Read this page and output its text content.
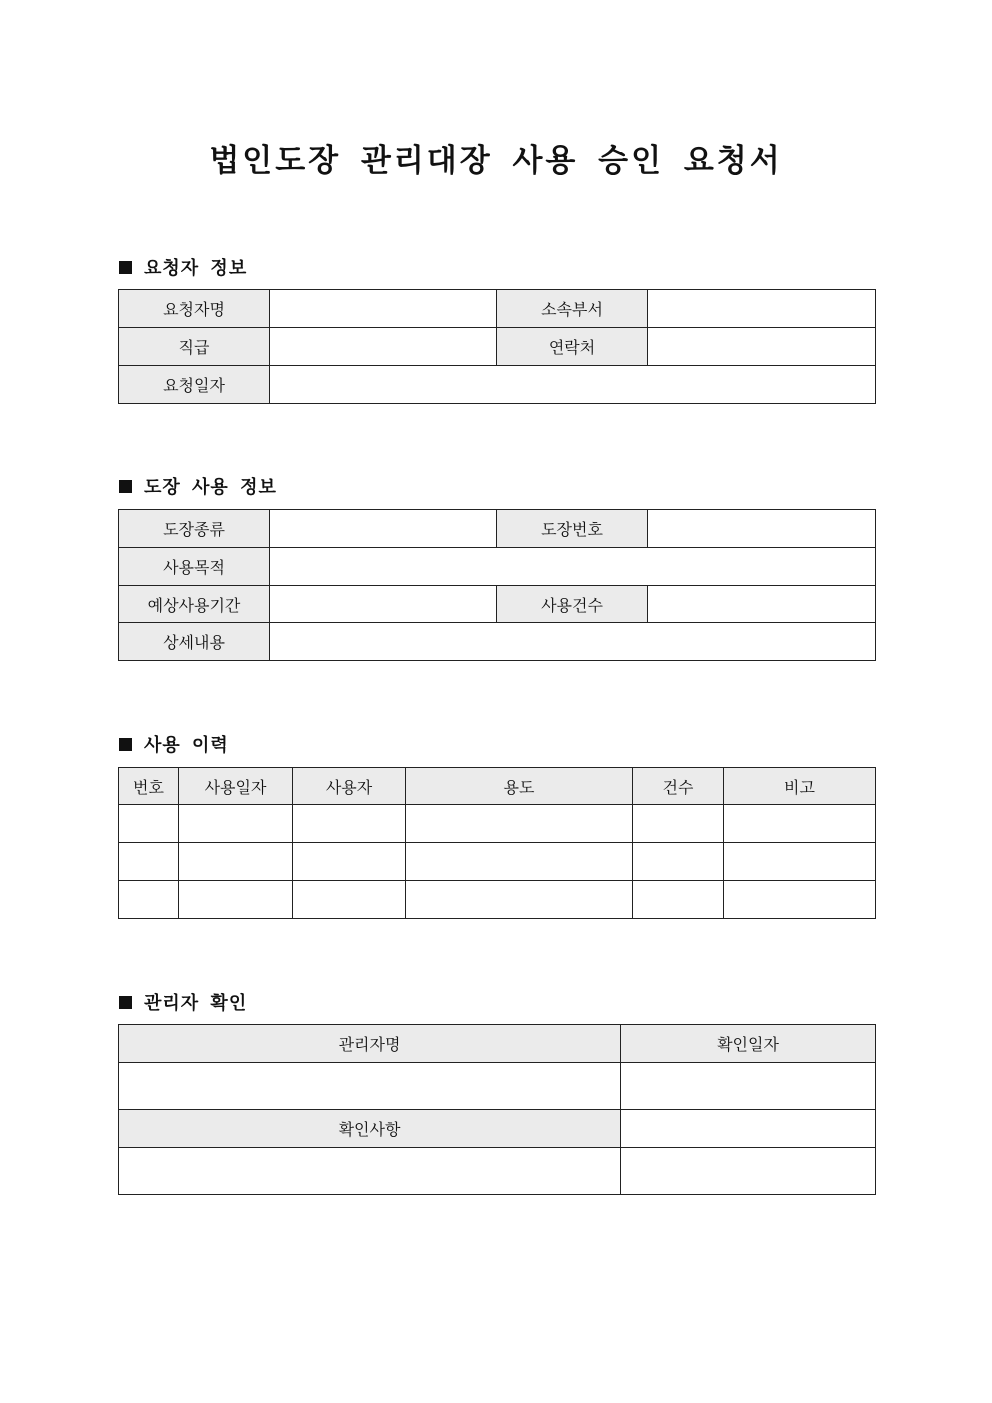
법인도장 관리대장 사용 승인 요청서
요청자 정보
요청자명		소속부서	
직급		연락처	
요청일자			
도장 사용 정보
도장종류		도장번호	
사용목적			
예상사용기간		사용건수	
상세내용			
사용 이력
번호	사용일자	사용자	용도	건수	비고

관리자 확인
관리자명	확인일자

확인사항	
